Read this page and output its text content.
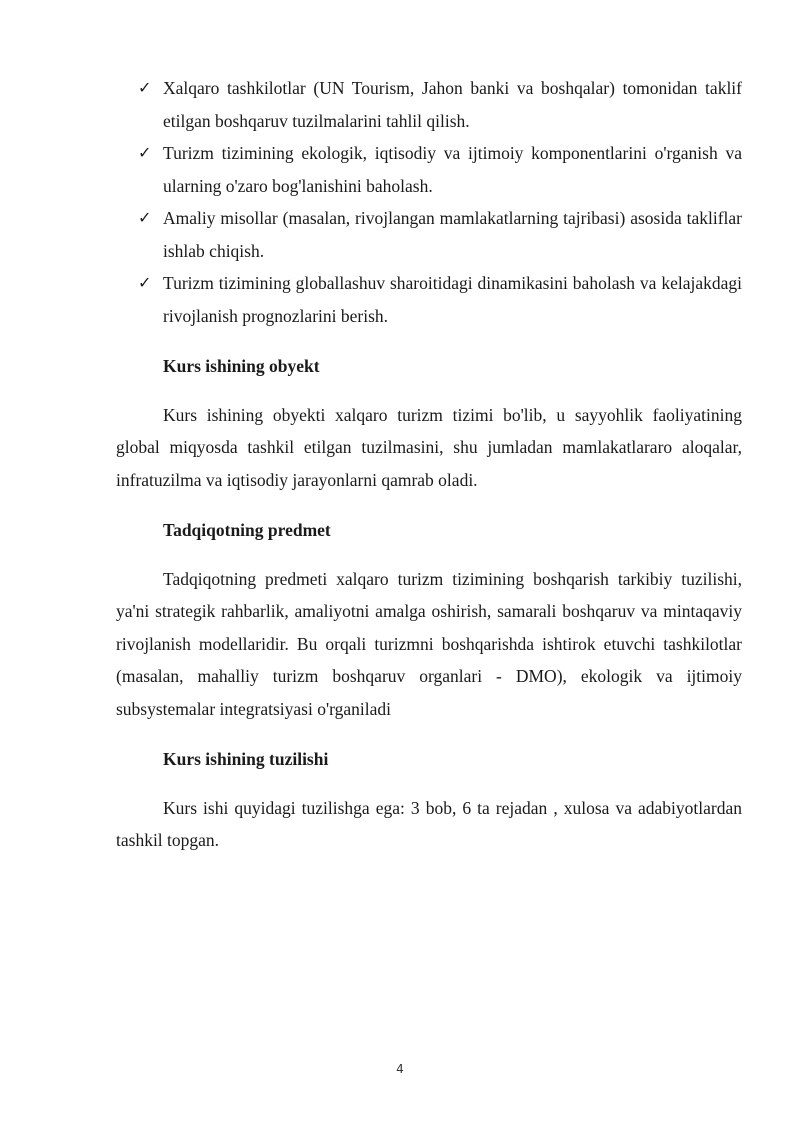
✓ Xalqaro tashkilotlar (UN Tourism, Jahon banki va boshqalar) tomonidan taklif etilgan boshqaruv tuzilmalarini tahlil qilish.
✓ Turizm tizimining ekologik, iqtisodiy va ijtimoiy komponentlarini o'rganish va ularning o'zaro bog'lanishini baholash.
✓ Amaliy misollar (masalan, rivojlangan mamlakatlarning tajribasi) asosida takliflar ishlab chiqish.
✓ Turizm tizimining globallashuv sharoitidagi dinamikasini baholash va kelajakdagi rivojlanish prognozlarini berish.
Kurs ishining obyekt

Kurs ishining obyekti xalqaro turizm tizimi bo'lib, u sayyohlik faoliyatining global miqyosda tashkil etilgan tuzilmasini, shu jumladan mamlakatlararo aloqalar, infratuzilma va iqtisodiy jarayonlarni qamrab oladi.

Tadqiqotning predmet

Tadqiqotning predmeti xalqaro turizm tizimining boshqarish tarkibiy tuzilishi, ya'ni strategik rahbarlik, amaliyotni amalga oshirish, samarali boshqaruv va mintaqaviy rivojlanish modellaridir. Bu orqali turizmni boshqarishda ishtirok etuvchi tashkilotlar (masalan, mahalliy turizm boshqaruv organlari - DMO), ekologik va ijtimoiy subsystemalar integratsiyasi o'rganiladi

Kurs ishining tuzilishi

Kurs ishi quyidagi tuzilishga ega: 3 bob, 6 ta rejadan , xulosa va adabiyotlardan tashkil topgan.

4
